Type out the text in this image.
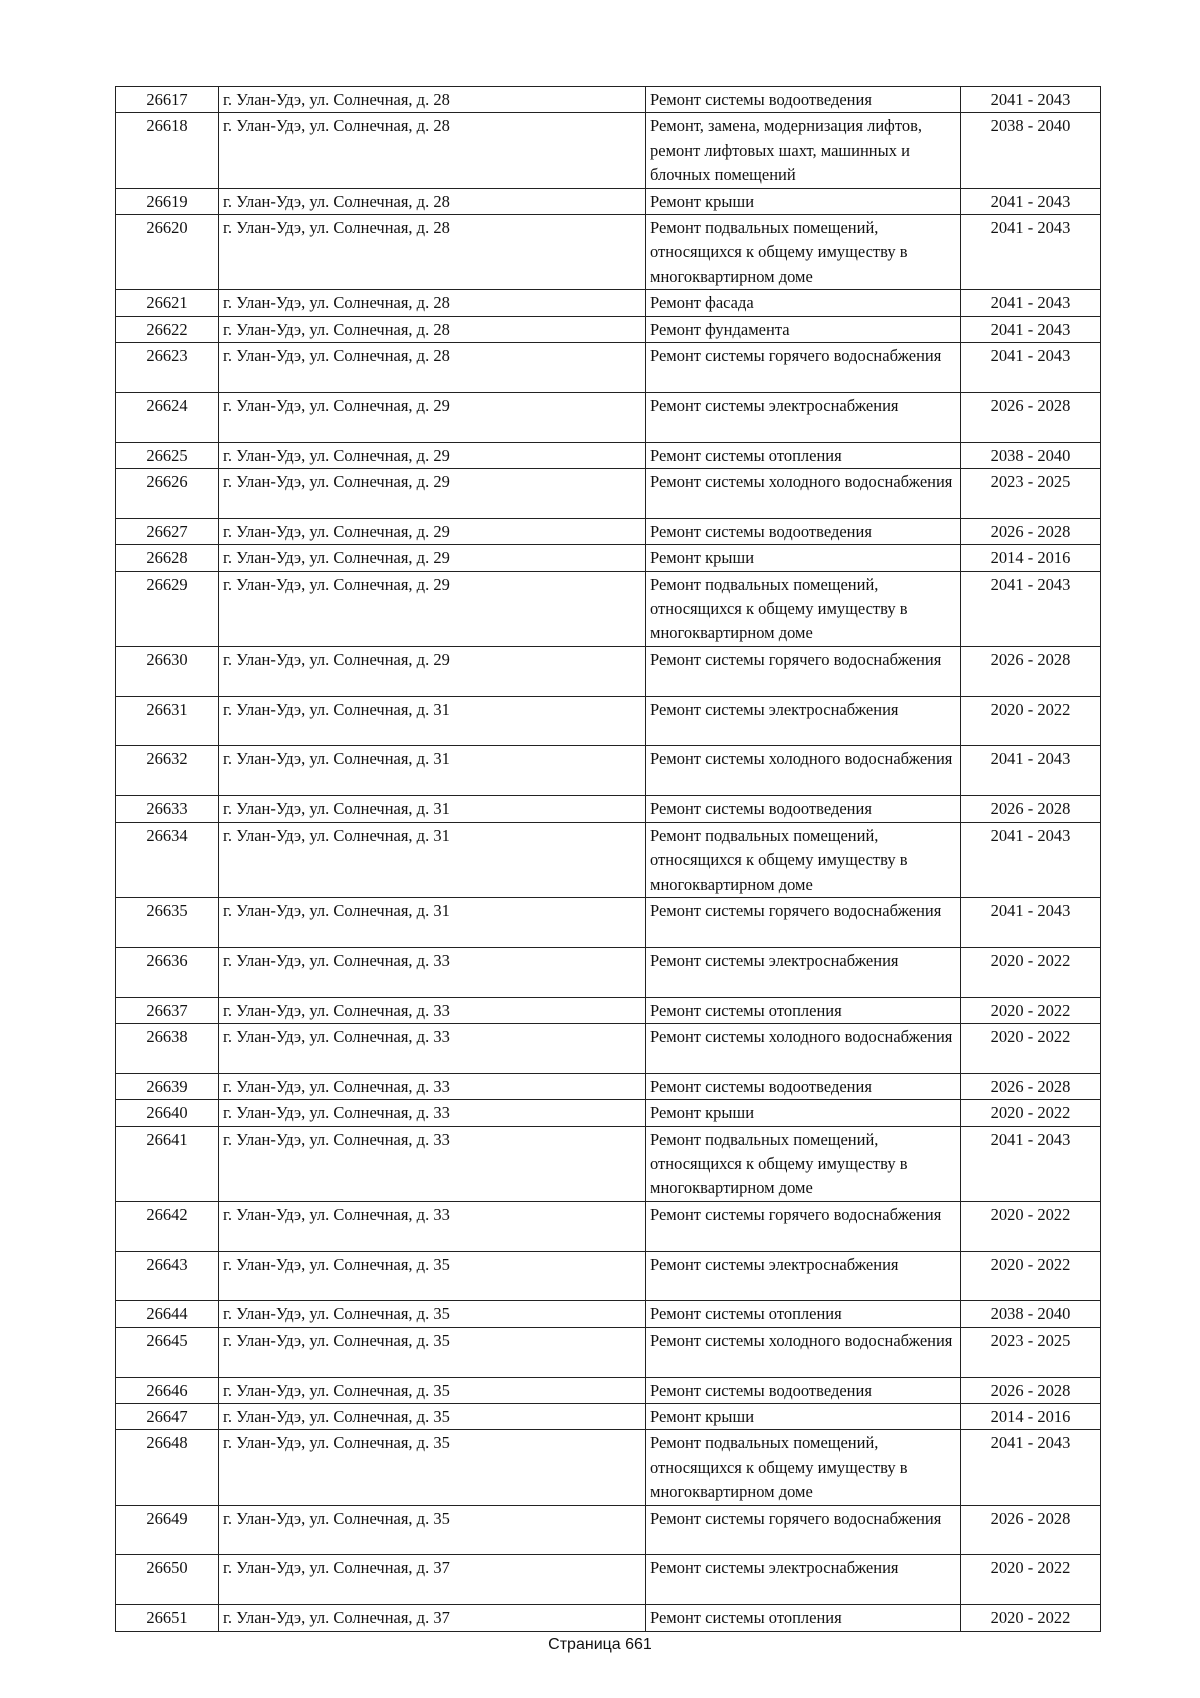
26617	г. Улан-Удэ, ул. Солнечная, д. 28	Ремонт системы водоотведения	2041 - 2043
26618	г. Улан-Удэ, ул. Солнечная, д. 28	Ремонт, замена, модернизация лифтов, ремонт лифтовых шахт, машинных и блочных помещений	2038 - 2040
26619	г. Улан-Удэ, ул. Солнечная, д. 28	Ремонт крыши	2041 - 2043
26620	г. Улан-Удэ, ул. Солнечная, д. 28	Ремонт подвальных помещений, относящихся к общему имуществу в многоквартирном доме	2041 - 2043
26621	г. Улан-Удэ, ул. Солнечная, д. 28	Ремонт фасада	2041 - 2043
26622	г. Улан-Удэ, ул. Солнечная, д. 28	Ремонт фундамента	2041 - 2043
26623	г. Улан-Удэ, ул. Солнечная, д. 28	Ремонт системы горячего водоснабжения	2041 - 2043
26624	г. Улан-Удэ, ул. Солнечная, д. 29	Ремонт системы электроснабжения	2026 - 2028
26625	г. Улан-Удэ, ул. Солнечная, д. 29	Ремонт системы отопления	2038 - 2040
26626	г. Улан-Удэ, ул. Солнечная, д. 29	Ремонт системы холодного водоснабжения	2023 - 2025
26627	г. Улан-Удэ, ул. Солнечная, д. 29	Ремонт системы водоотведения	2026 - 2028
26628	г. Улан-Удэ, ул. Солнечная, д. 29	Ремонт крыши	2014 - 2016
26629	г. Улан-Удэ, ул. Солнечная, д. 29	Ремонт подвальных помещений, относящихся к общему имуществу в многоквартирном доме	2041 - 2043
26630	г. Улан-Удэ, ул. Солнечная, д. 29	Ремонт системы горячего водоснабжения	2026 - 2028
26631	г. Улан-Удэ, ул. Солнечная, д. 31	Ремонт системы электроснабжения	2020 - 2022
26632	г. Улан-Удэ, ул. Солнечная, д. 31	Ремонт системы холодного водоснабжения	2041 - 2043
26633	г. Улан-Удэ, ул. Солнечная, д. 31	Ремонт системы водоотведения	2026 - 2028
26634	г. Улан-Удэ, ул. Солнечная, д. 31	Ремонт подвальных помещений, относящихся к общему имуществу в многоквартирном доме	2041 - 2043
26635	г. Улан-Удэ, ул. Солнечная, д. 31	Ремонт системы горячего водоснабжения	2041 - 2043
26636	г. Улан-Удэ, ул. Солнечная, д. 33	Ремонт системы электроснабжения	2020 - 2022
26637	г. Улан-Удэ, ул. Солнечная, д. 33	Ремонт системы отопления	2020 - 2022
26638	г. Улан-Удэ, ул. Солнечная, д. 33	Ремонт системы холодного водоснабжения	2020 - 2022
26639	г. Улан-Удэ, ул. Солнечная, д. 33	Ремонт системы водоотведения	2026 - 2028
26640	г. Улан-Удэ, ул. Солнечная, д. 33	Ремонт крыши	2020 - 2022
26641	г. Улан-Удэ, ул. Солнечная, д. 33	Ремонт подвальных помещений, относящихся к общему имуществу в многоквартирном доме	2041 - 2043
26642	г. Улан-Удэ, ул. Солнечная, д. 33	Ремонт системы горячего водоснабжения	2020 - 2022
26643	г. Улан-Удэ, ул. Солнечная, д. 35	Ремонт системы электроснабжения	2020 - 2022
26644	г. Улан-Удэ, ул. Солнечная, д. 35	Ремонт системы отопления	2038 - 2040
26645	г. Улан-Удэ, ул. Солнечная, д. 35	Ремонт системы холодного водоснабжения	2023 - 2025
26646	г. Улан-Удэ, ул. Солнечная, д. 35	Ремонт системы водоотведения	2026 - 2028
26647	г. Улан-Удэ, ул. Солнечная, д. 35	Ремонт крыши	2014 - 2016
26648	г. Улан-Удэ, ул. Солнечная, д. 35	Ремонт подвальных помещений, относящихся к общему имуществу в многоквартирном доме	2041 - 2043
26649	г. Улан-Удэ, ул. Солнечная, д. 35	Ремонт системы горячего водоснабжения	2026 - 2028
26650	г. Улан-Удэ, ул. Солнечная, д. 37	Ремонт системы электроснабжения	2020 - 2022
26651	г. Улан-Удэ, ул. Солнечная, д. 37	Ремонт системы отопления	2020 - 2022
Страница 661
